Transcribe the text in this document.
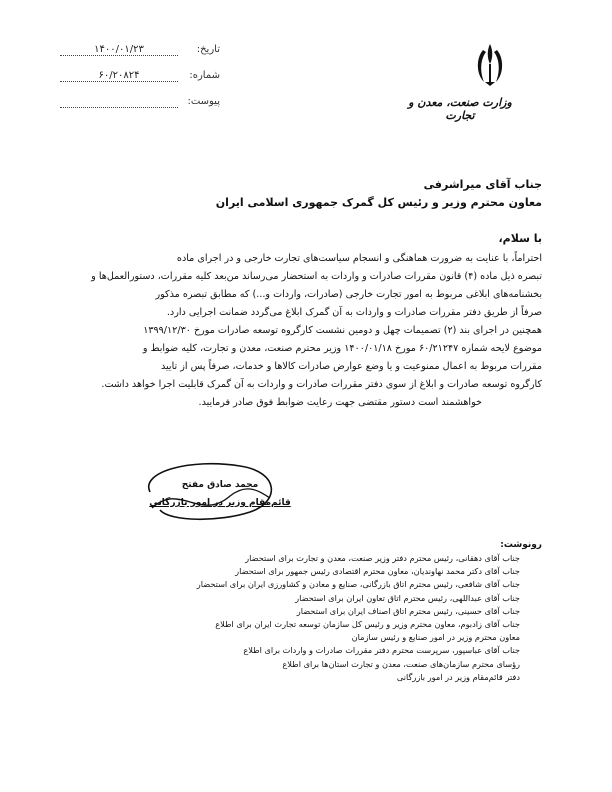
وزارت صنعت، معدن و تجارت
۱۴۰۰/۰۱/۲۳	تاریخ:
۶۰/۲۰۸۲۴	شماره:
پیوست:
جناب آقای میراشرفی
معاون محترم وزیر و رئیس کل گمرک جمهوری اسلامی ایران
با سلام،
احتراماً، با عنایت به ضرورت هماهنگی و انسجام سیاست‌های تجارت خارجی و در اجرای ماده
تبصره ذیل ماده (۴) قانون مقررات صادرات و واردات به استحضار می‌رساند من‌بعد کلیه مقررات، دستورالعمل‌ها و
بخشنامه‌های ابلاغی مربوط به امور تجارت خارجی (صادرات، واردات و...) که مطابق تبصره مذکور
صرفاً از طریق دفتر مقررات صادرات و واردات به آن گمرک ابلاغ می‌گردد ضمانت اجرایی دارد.
همچنین در اجرای بند (۲) تصمیمات چهل و دومین نشست کارگروه توسعه صادرات مورخ ۱۳۹۹/۱۲/۳۰
موضوع لایحه شماره ۶۰/۲۱۲۴۷ مورخ ۱۴۰۰/۰۱/۱۸ وزیر محترم صنعت، معدن و تجارت، کلیه ضوابط و
مقررات مربوط به اعمال ممنوعیت و یا وضع عوارض صادرات کالاها و خدمات، صرفاً پس از تایید
کارگروه توسعه صادرات و ابلاغ از سوی دفتر مقررات صادرات و واردات به آن گمرک قابلیت اجرا خواهد داشت.
خواهشمند است دستور مقتضی جهت رعایت ضوابط فوق صادر فرمایید.
محمد صادق مفتح
قائم‌مقام وزیر در امور بازرگانی
رونوشت:
جناب آقای دهقانی، رئیس محترم دفتر وزیر صنعت، معدن و تجارت برای استحضار
جناب آقای دکتر محمد نهاوندیان، معاون محترم اقتصادی رئیس جمهور برای استحضار
جناب آقای شافعی، رئیس محترم اتاق بازرگانی، صنایع و معادن و کشاورزی ایران برای استحضار
جناب آقای عبداللهی، رئیس محترم اتاق تعاون ایران برای استحضار
جناب آقای حسینی، رئیس محترم اتاق اصناف ایران برای استحضار
جناب آقای زادبوم، معاون محترم وزیر و رئیس کل سازمان توسعه تجارت ایران برای اطلاع
معاون محترم وزیر در امور صنایع و رئیس سازمان
جناب آقای عباسپور، سرپرست محترم دفتر مقررات صادرات و واردات برای اطلاع
رؤسای محترم سازمان‌های صنعت، معدن و تجارت استان‌ها برای اطلاع
دفتر قائم‌مقام وزیر در امور بازرگانی
